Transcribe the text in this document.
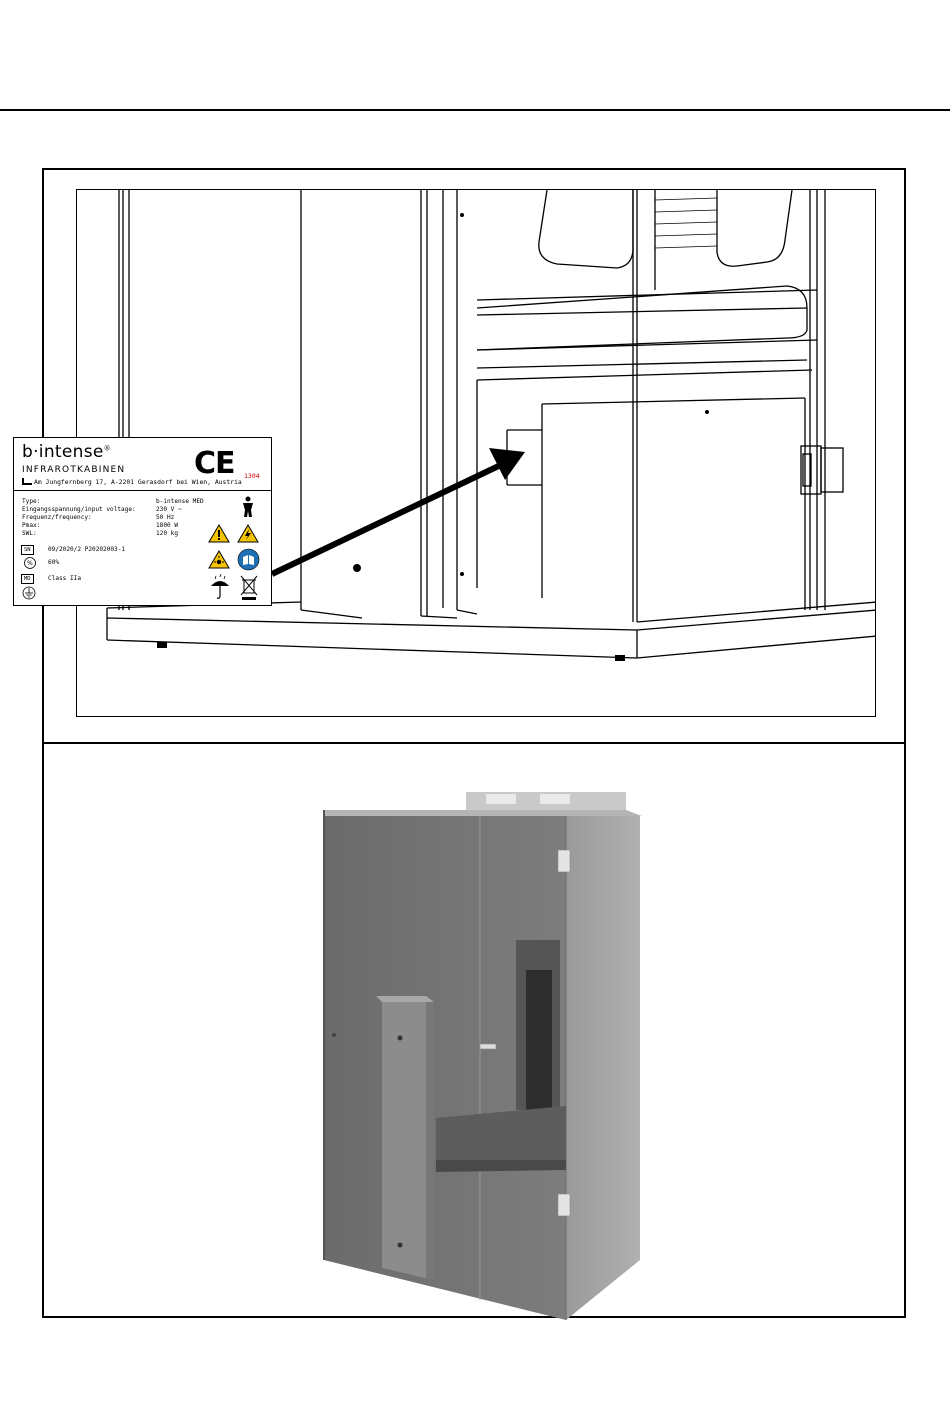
b·intense®
INFRAROTKABINEN
Am Jungfernberg 17, A-2201 Gerasdorf bei Wien, Austria
CE 1304
Type:	b-intense MED
Eingangsspannung/input voltage:	230 V ~
Frequenz/frequency:	50 Hz
Pmax:	1800 W
SWL:	120 kg
SN	09/2020/2 P20202003-1
%	60%
MD	Class IIa
